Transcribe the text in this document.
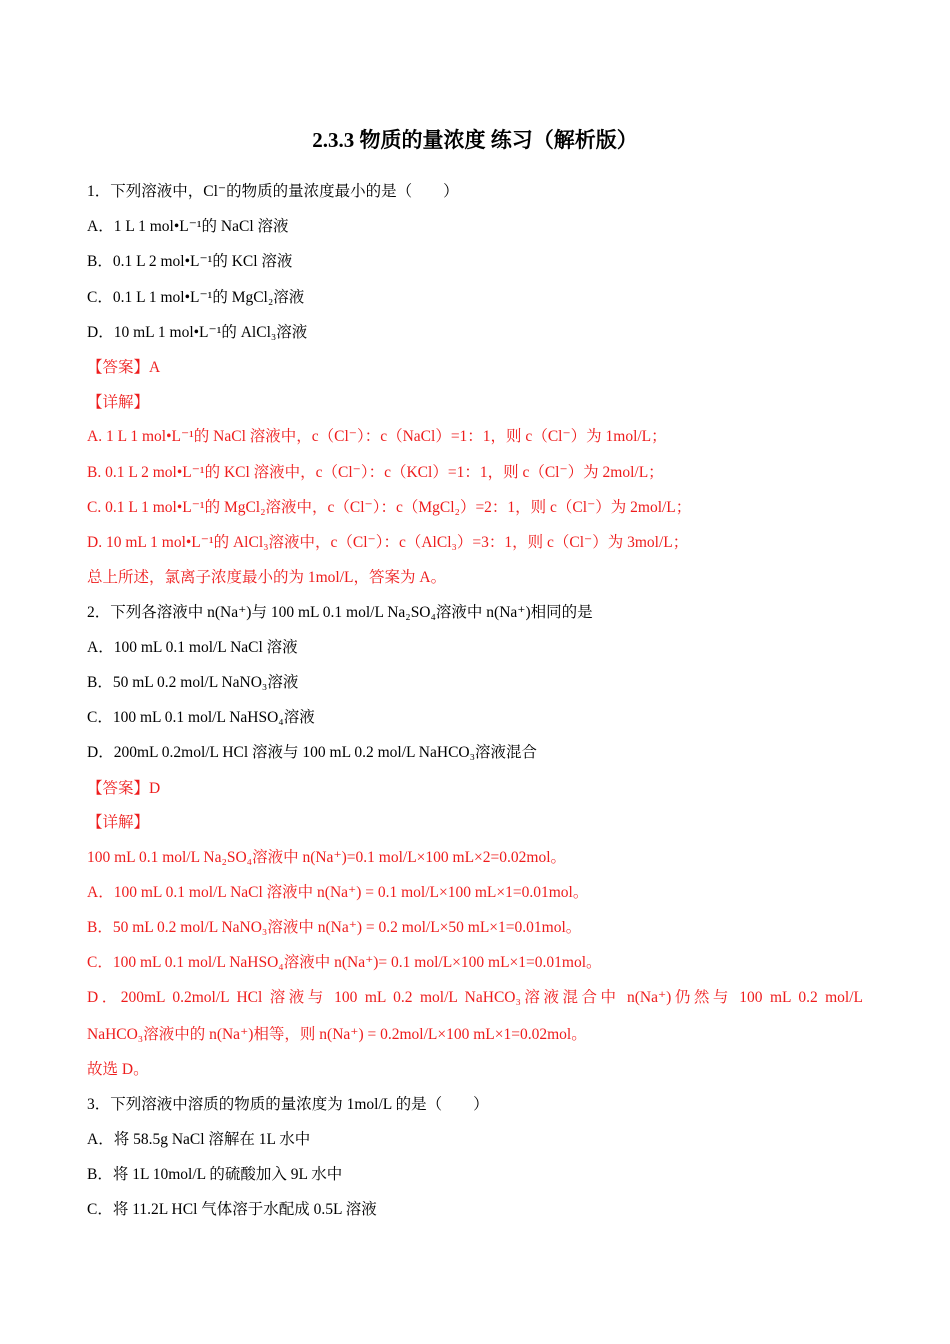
2.3.3 物质的量浓度 练习（解析版）
1．下列溶液中，Cl⁻的物质的量浓度最小的是（　　）
A．1 L 1 mol•L⁻¹的 NaCl 溶液
B．0.1 L 2 mol•L⁻¹的 KCl 溶液
C．0.1 L 1 mol•L⁻¹的 MgCl₂溶液
D．10 mL 1 mol•L⁻¹的 AlCl₃溶液
【答案】A
【详解】
A. 1 L 1 mol•L⁻¹的 NaCl 溶液中，c（Cl⁻）：c（NaCl）=1：1，则 c（Cl⁻）为 1mol/L；
B. 0.1 L 2 mol•L⁻¹的 KCl 溶液中，c（Cl⁻）：c（KCl）=1：1，则 c（Cl⁻）为 2mol/L；
C. 0.1 L 1 mol•L⁻¹的 MgCl₂溶液中，c（Cl⁻）：c（MgCl₂）=2：1，则 c（Cl⁻）为 2mol/L；
D. 10 mL 1 mol•L⁻¹的 AlCl₃溶液中，c（Cl⁻）：c（AlCl₃）=3：1，则 c（Cl⁻）为 3mol/L；
总上所述，氯离子浓度最小的为 1mol/L，答案为 A。
2．下列各溶液中 n(Na⁺)与 100 mL 0.1 mol/L Na₂SO₄溶液中 n(Na⁺)相同的是
A．100 mL 0.1 mol/L NaCl 溶液
B．50 mL 0.2 mol/L NaNO₃溶液
C．100 mL 0.1 mol/L NaHSO₄溶液
D．200mL 0.2mol/L HCl 溶液与 100 mL 0.2 mol/L NaHCO₃溶液混合
【答案】D
【详解】
100 mL 0.1 mol/L Na₂SO₄溶液中 n(Na⁺)=0.1 mol/L×100 mL×2=0.02mol。
A．100 mL 0.1 mol/L NaCl 溶液中 n(Na⁺) = 0.1 mol/L×100 mL×1=0.01mol。
B．50 mL 0.2 mol/L NaNO₃溶液中 n(Na⁺) = 0.2 mol/L×50 mL×1=0.01mol。
C．100 mL 0.1 mol/L NaHSO₄溶液中 n(Na⁺)= 0.1 mol/L×100 mL×1=0.01mol。
D．200mL 0.2mol/L HCl 溶液与 100 mL 0.2 mol/L NaHCO₃溶液混合中 n(Na⁺)仍然与 100 mL 0.2 mol/L
NaHCO₃溶液中的 n(Na⁺)相等，则 n(Na⁺) = 0.2mol/L×100 mL×1=0.02mol。
故选 D。
3．下列溶液中溶质的物质的量浓度为 1mol/L 的是（　　）
A．将 58.5g NaCl 溶解在 1L 水中
B．将 1L 10mol/L 的硫酸加入 9L 水中
C．将 11.2L HCl 气体溶于水配成 0.5L 溶液
